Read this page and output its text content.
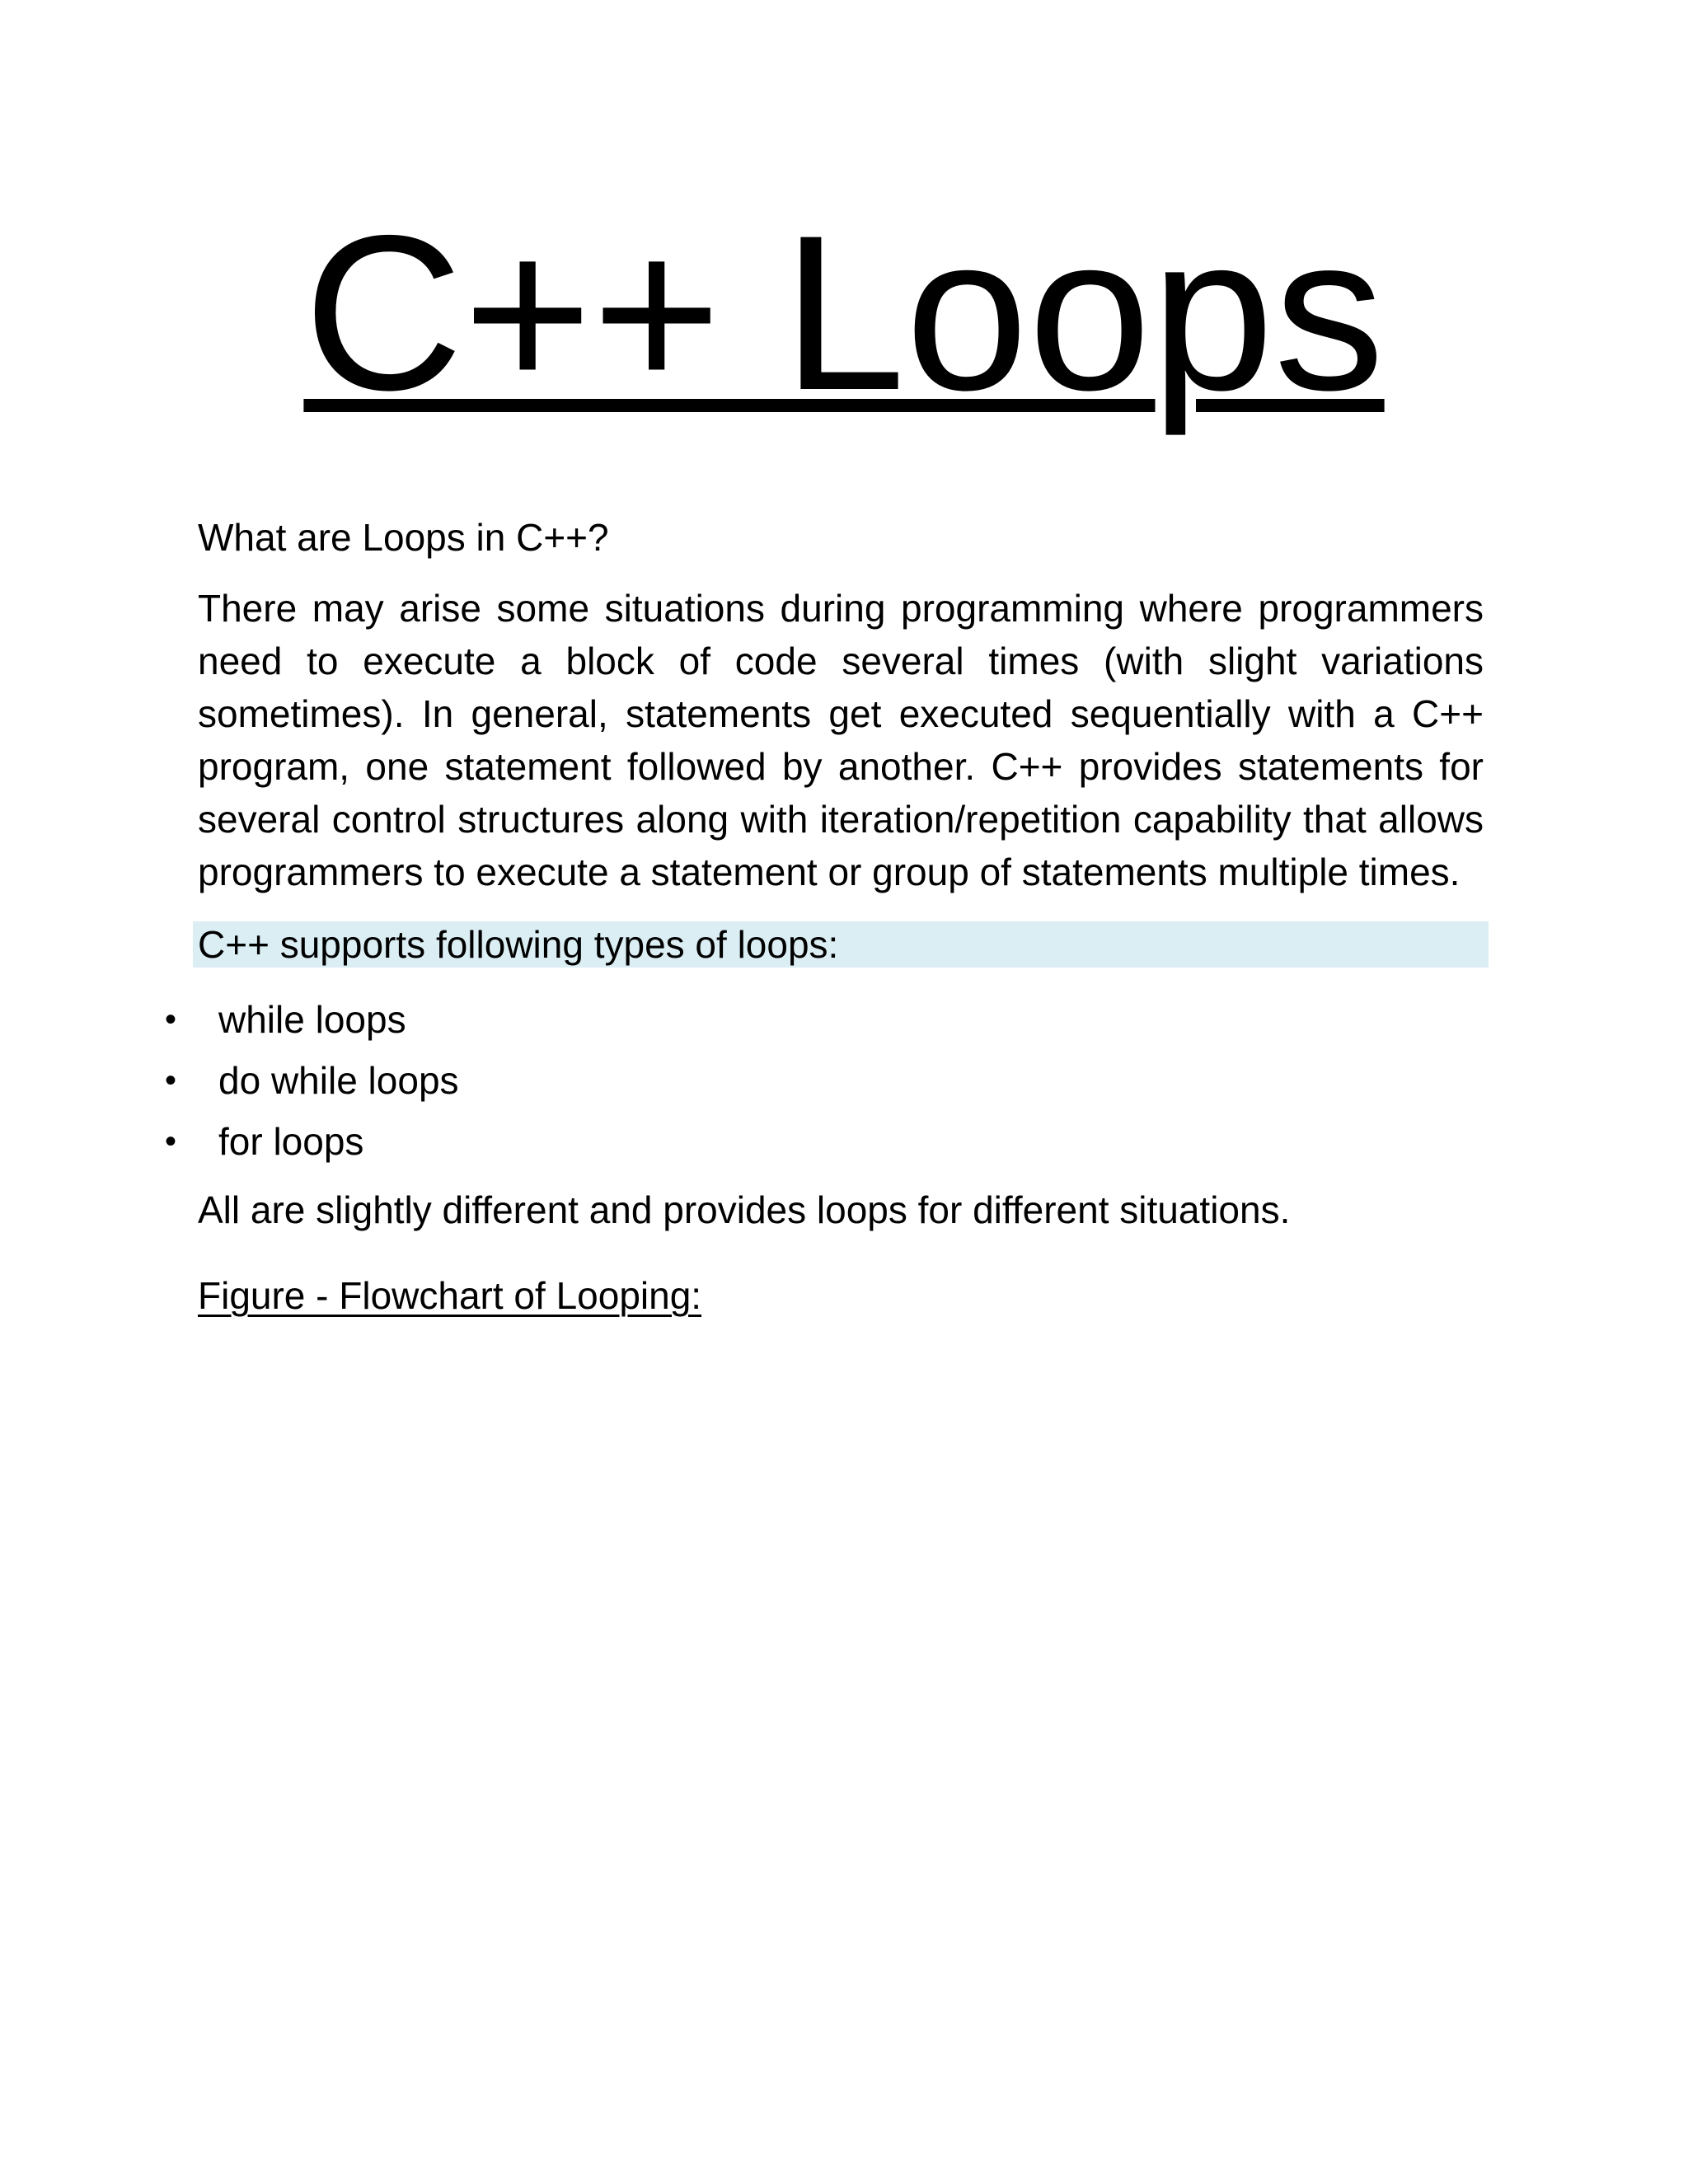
C++ Loops

What are Loops in C++?

There may arise some situations during programming where programmers need to execute a block of code several times (with slight variations sometimes). In general, statements get executed sequentially with a C++ program, one statement followed by another. C++ provides statements for several control structures along with iteration/repetition capability that allows programmers to execute a statement or group of statements multiple times.

C++ supports following types of loops:
•	while loops
•	do while loops
•	for loops

All are slightly different and provides loops for different situations.

Figure - Flowchart of Looping:
